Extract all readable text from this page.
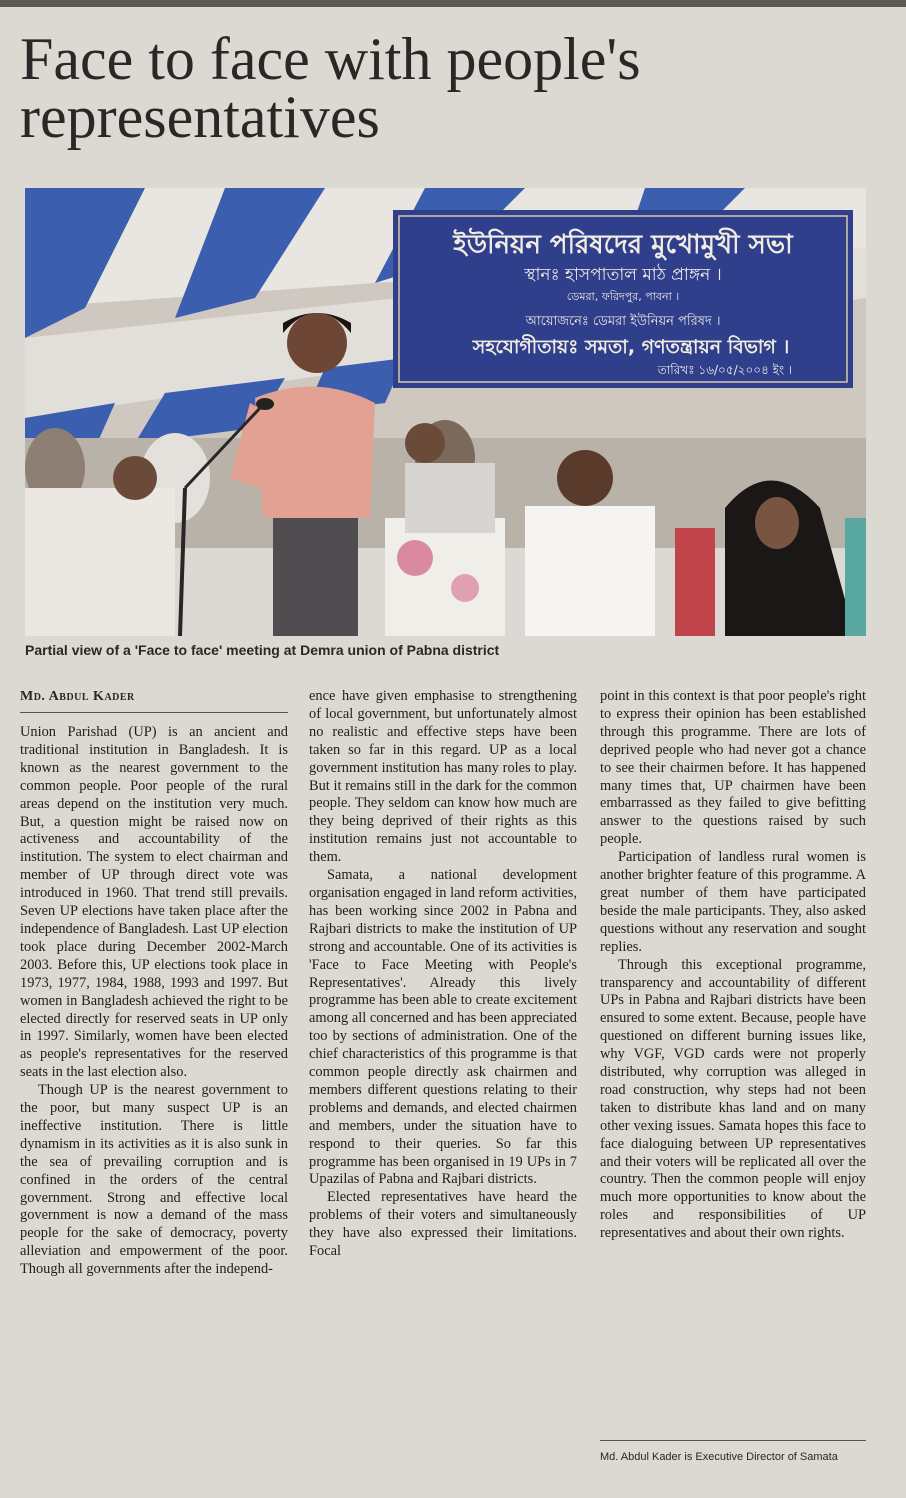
Face to face with people's representatives
ইউনিয়ন পরিষদের মুখোমুখী সভা
স্থানঃ হাসপাতাল মাঠ প্রাঙ্গন ।
ডেমরা, ফরিদপুর, পাবনা ।
আয়োজনেঃ ডেমরা ইউনিয়ন পরিষদ ।
সহযোগীতায়ঃ সমতা, গণতন্ত্রায়ন বিভাগ ।
তারিখঃ ১৬/০৫/২০০৪ ইং ।
Partial view of a 'Face to face' meeting at Demra union of Pabna district
Md. Abdul Kader

Union Parishad (UP) is an ancient and traditional institution in Bangladesh. It is known as the nearest government to the common people. Poor people of the rural areas depend on the institution very much. But, a question might be raised now on activeness and accountability of the institution. The system to elect chairman and member of UP through direct vote was introduced in 1960. That trend still prevails. Seven UP elections have taken place after the independence of Bangladesh. Last UP election took place during December 2002-March 2003. Before this, UP elections took place in 1973, 1977, 1984, 1988, 1993 and 1997. But women in Bangladesh achieved the right to be elected directly for reserved seats in UP only in 1997. Similarly, women have been elected as people's representatives for the reserved seats in the last election also.

Though UP is the nearest government to the poor, but many suspect UP is an ineffective institution. There is little dynamism in its activities as it is also sunk in the sea of prevailing corruption and is confined in the orders of the central government. Strong and effective local government is now a demand of the mass people for the sake of democracy, poverty alleviation and empowerment of the poor. Though all governments after the independ-

ence have given emphasise to strengthening of local government, but unfortunately almost no realistic and effective steps have been taken so far in this regard. UP as a local government institution has many roles to play. But it remains still in the dark for the common people. They seldom can know how much are they being deprived of their rights as this institution remains just not accountable to them.

Samata, a national development organisation engaged in land reform activities, has been working since 2002 in Pabna and Rajbari districts to make the institution of UP strong and accountable. One of its activities is 'Face to Face Meeting with People's Representatives'. Already this lively programme has been able to create excitement among all concerned and has been appreciated too by sections of administration. One of the chief characteristics of this programme is that common people directly ask chairmen and members different questions relating to their problems and demands, and elected chairmen and members, under the situation have to respond to their queries. So far this programme has been organised in 19 UPs in 7 Upazilas of Pabna and Rajbari districts.

Elected representatives have heard the problems of their voters and simultaneously they have also expressed their limitations. Focal

point in this context is that poor people's right to express their opinion has been established through this programme. There are lots of deprived people who had never got a chance to see their chairmen before. It has happened many times that, UP chairmen have been embarrassed as they failed to give befitting answer to the questions raised by such people.

Participation of landless rural women is another brighter feature of this programme. A great number of them have participated beside the male participants. They, also asked questions without any reservation and sought replies.

Through this exceptional programme, transparency and accountability of different UPs in Pabna and Rajbari districts have been ensured to some extent. Because, people have questioned on different burning issues like, why VGF, VGD cards were not properly distributed, why corruption was alleged in road construction, why steps had not been taken to distribute khas land and on many other vexing issues. Samata hopes this face to face dialoguing between UP representatives and their voters will be replicated all over the country. Then the common people will enjoy much more opportunities to know about the roles and responsibilities of UP representatives and about their own rights.

Md. Abdul Kader is Executive Director of Samata
